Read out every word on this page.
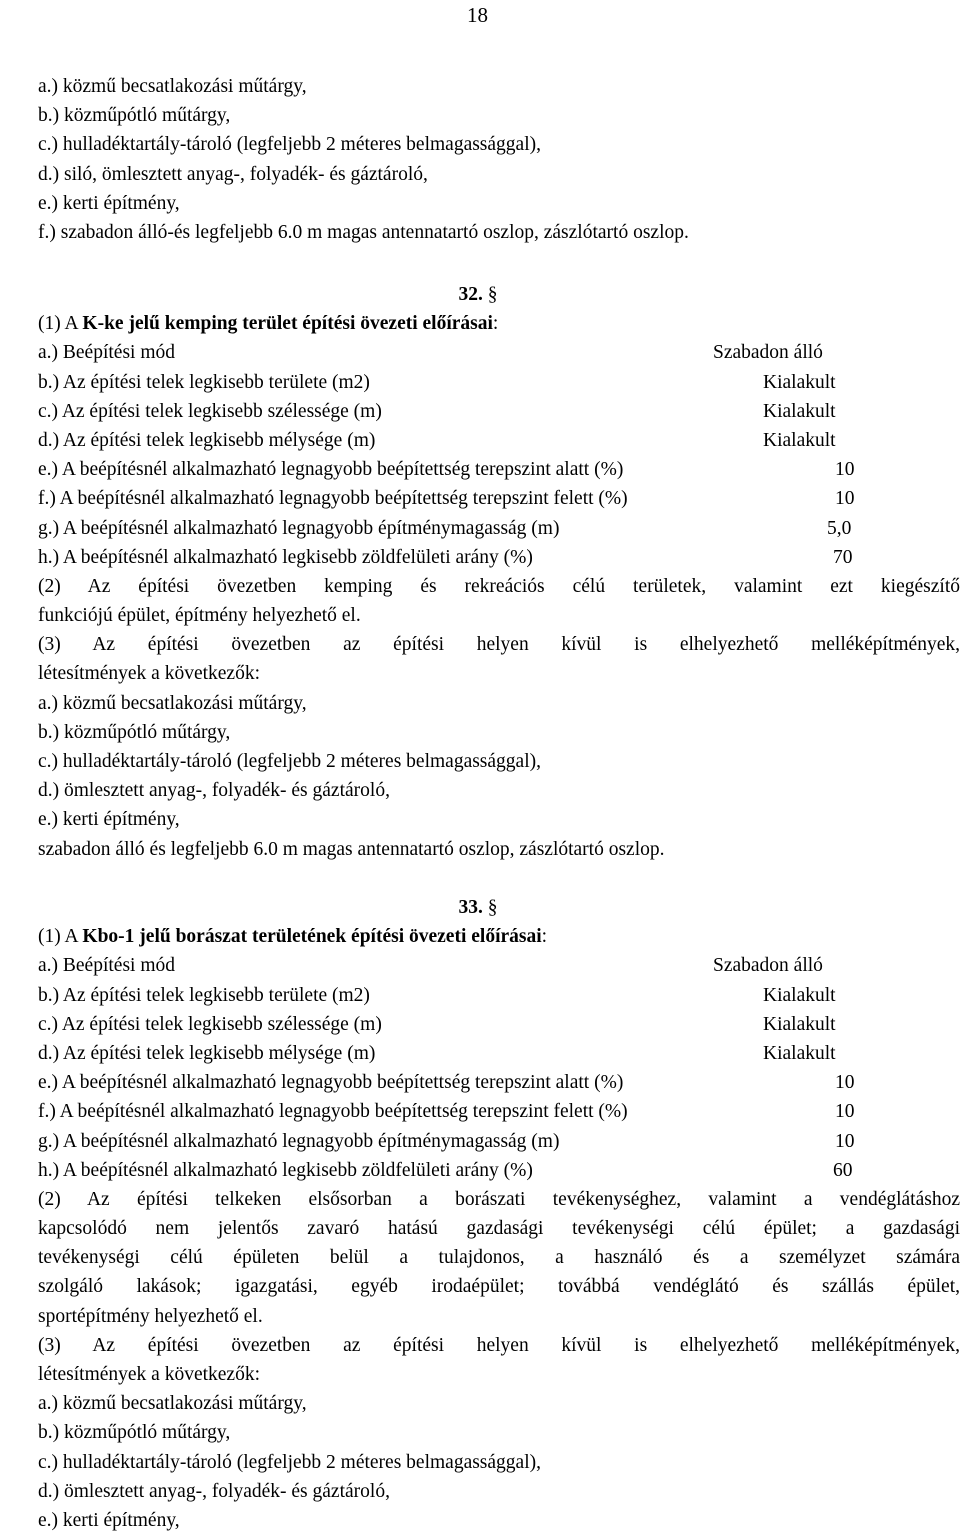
18
a.) közmű becsatlakozási műtárgy,
b.) közműpótló műtárgy,
c.) hulladéktartály-tároló (legfeljebb 2 méteres belmagassággal),
d.) siló, ömlesztett anyag-, folyadék- és gáztároló,
e.) kerti építmény,
f.) szabadon álló-és legfeljebb 6.0 m magas antennatartó oszlop, zászlótartó oszlop.
32. §
(1) A K-ke jelű kemping terület építési övezeti előírásai:
a.) Beépítési mód	Szabadon álló
b.) Az építési telek legkisebb területe (m2)	Kialakult
c.) Az építési telek legkisebb szélessége (m)	Kialakult
d.) Az építési telek legkisebb mélysége (m)	Kialakult
e.) A beépítésnél alkalmazható legnagyobb beépítettség terepszint alatt (%)	10
f.) A beépítésnél alkalmazható legnagyobb beépítettség terepszint felett (%)	10
g.) A beépítésnél alkalmazható legnagyobb építménymagasság (m)	5,0
h.) A beépítésnél alkalmazható legkisebb zöldfelületi arány (%)	70
(2) Az építési övezetben kemping és rekreációs célú területek, valamint ezt kiegészítő
funkciójú épület, építmény helyezhető el.
(3) Az építési övezetben az építési helyen kívül is elhelyezhető melléképítmények,
létesítmények a következők:
a.) közmű becsatlakozási műtárgy,
b.) közműpótló műtárgy,
c.) hulladéktartály-tároló (legfeljebb 2 méteres belmagassággal),
d.) ömlesztett anyag-, folyadék- és gáztároló,
e.) kerti építmény,
szabadon álló és legfeljebb 6.0 m magas antennatartó oszlop, zászlótartó oszlop.
33. §
(1) A Kbo-1 jelű borászat területének építési övezeti előírásai:
a.) Beépítési mód	Szabadon álló
b.) Az építési telek legkisebb területe (m2)	Kialakult
c.) Az építési telek legkisebb szélessége (m)	Kialakult
d.) Az építési telek legkisebb mélysége (m)	Kialakult
e.) A beépítésnél alkalmazható legnagyobb beépítettség terepszint alatt (%)	10
f.) A beépítésnél alkalmazható legnagyobb beépítettség terepszint felett (%)	10
g.) A beépítésnél alkalmazható legnagyobb építménymagasság (m)	10
h.) A beépítésnél alkalmazható legkisebb zöldfelületi arány (%)	60
(2) Az építési telkeken elsősorban a borászati tevékenységhez, valamint a vendéglátáshoz
kapcsolódó nem jelentős zavaró hatású gazdasági tevékenységi célú épület; a gazdasági
tevékenységi célú épületen belül a tulajdonos, a használó és a személyzet számára
szolgáló lakások; igazgatási, egyéb irodaépület; továbbá vendéglátó és szállás épület,
sportépítmény helyezhető el.
(3) Az építési övezetben az építési helyen kívül is elhelyezhető melléképítmények,
létesítmények a következők:
a.) közmű becsatlakozási műtárgy,
b.) közműpótló műtárgy,
c.) hulladéktartály-tároló (legfeljebb 2 méteres belmagassággal),
d.) ömlesztett anyag-, folyadék- és gáztároló,
e.) kerti építmény,
